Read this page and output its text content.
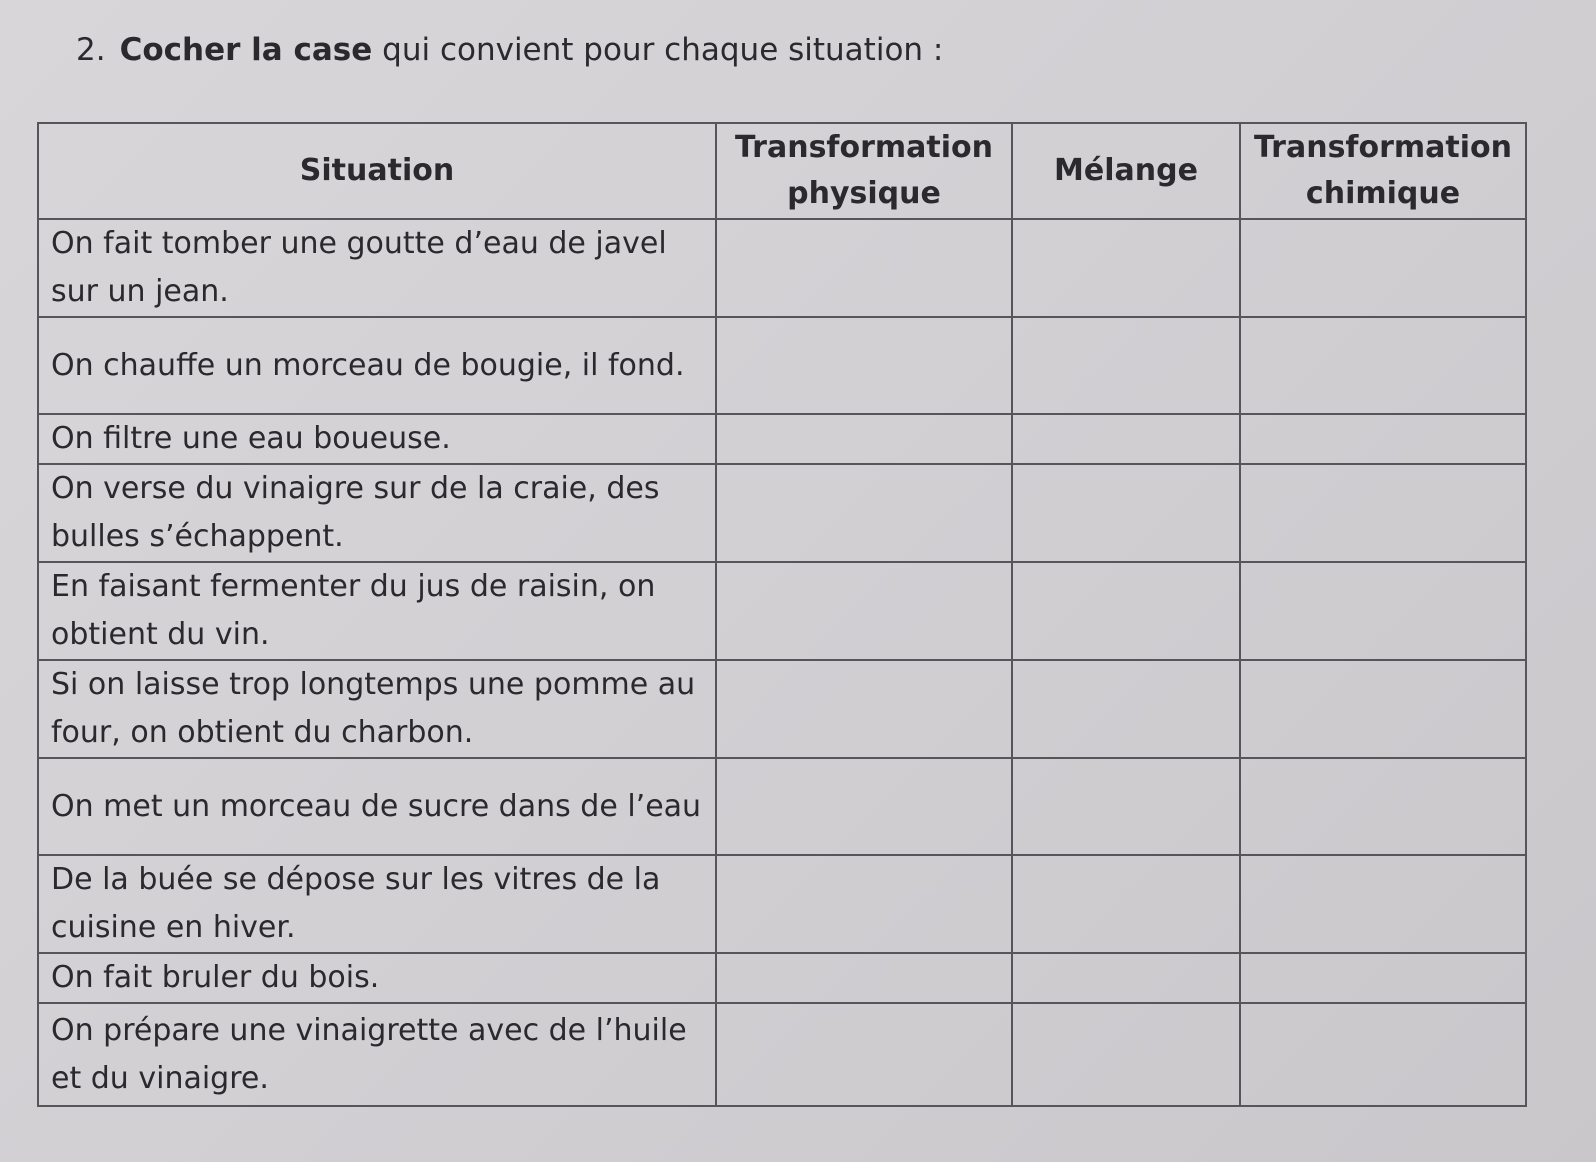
2. Cocher la case qui convient pour chaque situation :
Situation	Transformation physique	Mélange	Transformation chimique
On fait tomber une goutte d’eau de javel sur un jean.			
On chauffe un morceau de bougie, il fond.			
On filtre une eau boueuse.			
On verse du vinaigre sur de la craie, des bulles s’échappent.			
En faisant fermenter du jus de raisin, on obtient du vin.			
Si on laisse trop longtemps une pomme au four, on obtient du charbon.			
On met un morceau de sucre dans de l’eau			
De la buée se dépose sur les vitres de la cuisine en hiver.			
On fait bruler du bois.			
On prépare une vinaigrette avec de l’huile et du vinaigre.			
